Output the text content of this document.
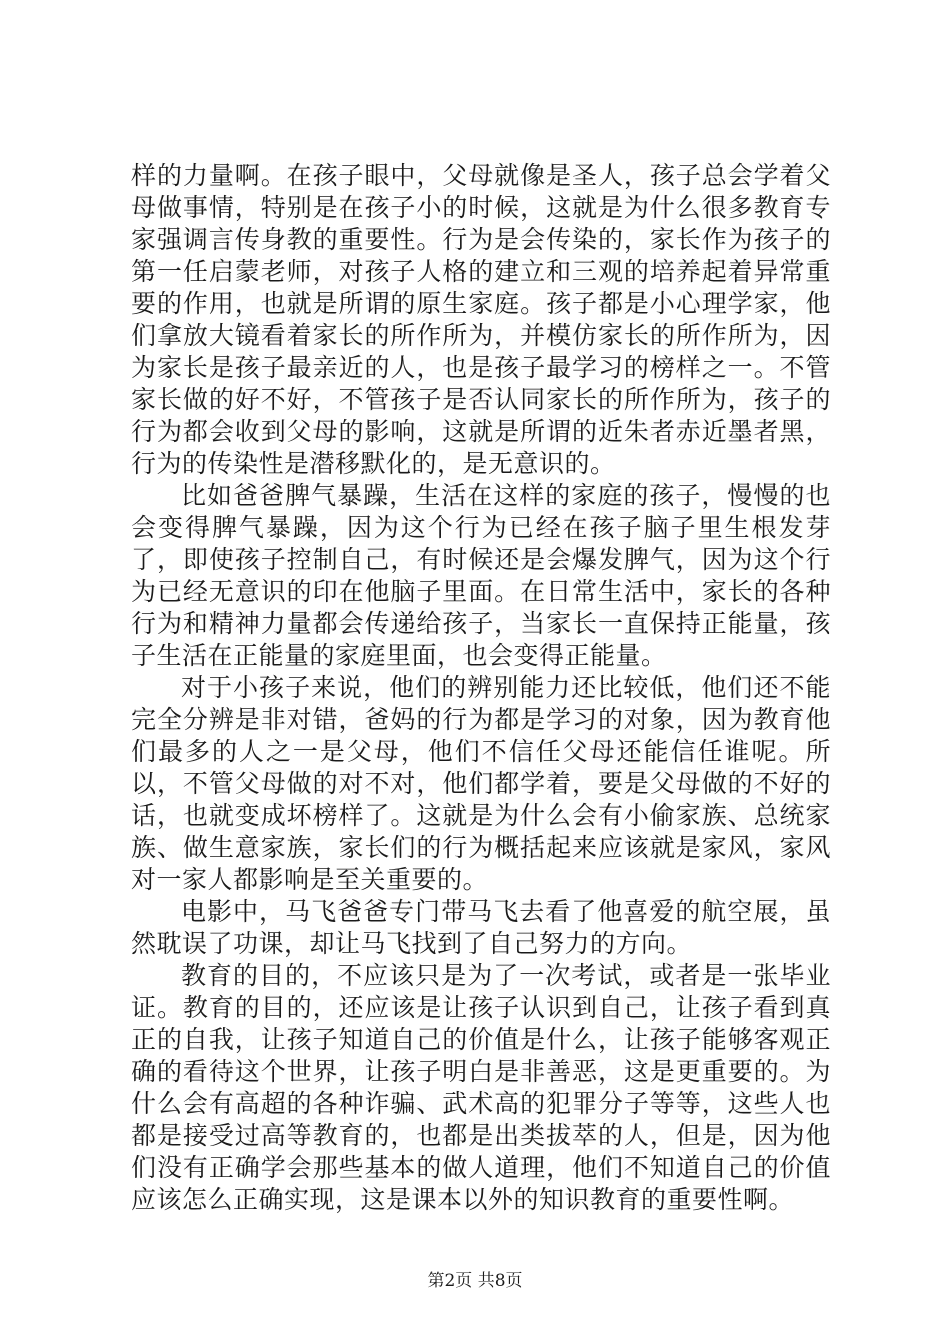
样的力量啊。在孩子眼中，父母就像是圣人，孩子总会学着父母做事情，特别是在孩子小的时候，这就是为什么很多教育专家强调言传身教的重要性。行为是会传染的，家长作为孩子的第一任启蒙老师，对孩子人格的建立和三观的培养起着异常重要的作用，也就是所谓的原生家庭。孩子都是小心理学家，他们拿放大镜看着家长的所作所为，并模仿家长的所作所为，因为家长是孩子最亲近的人，也是孩子最学习的榜样之一。不管家长做的好不好，不管孩子是否认同家长的所作所为，孩子的行为都会收到父母的影响，这就是所谓的近朱者赤近墨者黑，行为的传染性是潜移默化的，是无意识的。

比如爸爸脾气暴躁，生活在这样的家庭的孩子，慢慢的也会变得脾气暴躁，因为这个行为已经在孩子脑子里生根发芽了，即使孩子控制自己，有时候还是会爆发脾气，因为这个行为已经无意识的印在他脑子里面。在日常生活中，家长的各种行为和精神力量都会传递给孩子，当家长一直保持正能量，孩子生活在正能量的家庭里面，也会变得正能量。

对于小孩子来说，他们的辨别能力还比较低，他们还不能完全分辨是非对错，爸妈的行为都是学习的对象，因为教育他们最多的人之一是父母，他们不信任父母还能信任谁呢。所以，不管父母做的对不对，他们都学着，要是父母做的不好的话，也就变成坏榜样了。这就是为什么会有小偷家族、总统家族、做生意家族，家长们的行为概括起来应该就是家风，家风对一家人都影响是至关重要的。

电影中，马飞爸爸专门带马飞去看了他喜爱的航空展，虽然耽误了功课，却让马飞找到了自己努力的方向。

教育的目的，不应该只是为了一次考试，或者是一张毕业证。教育的目的，还应该是让孩子认识到自己，让孩子看到真正的自我，让孩子知道自己的价值是什么，让孩子能够客观正确的看待这个世界，让孩子明白是非善恶，这是更重要的。为什么会有高超的各种诈骗、武术高的犯罪分子等等，这些人也都是接受过高等教育的，也都是出类拔萃的人，但是，因为他们没有正确学会那些基本的做人道理，他们不知道自己的价值应该怎么正确实现，这是课本以外的知识教育的重要性啊。

第2页 共8页
